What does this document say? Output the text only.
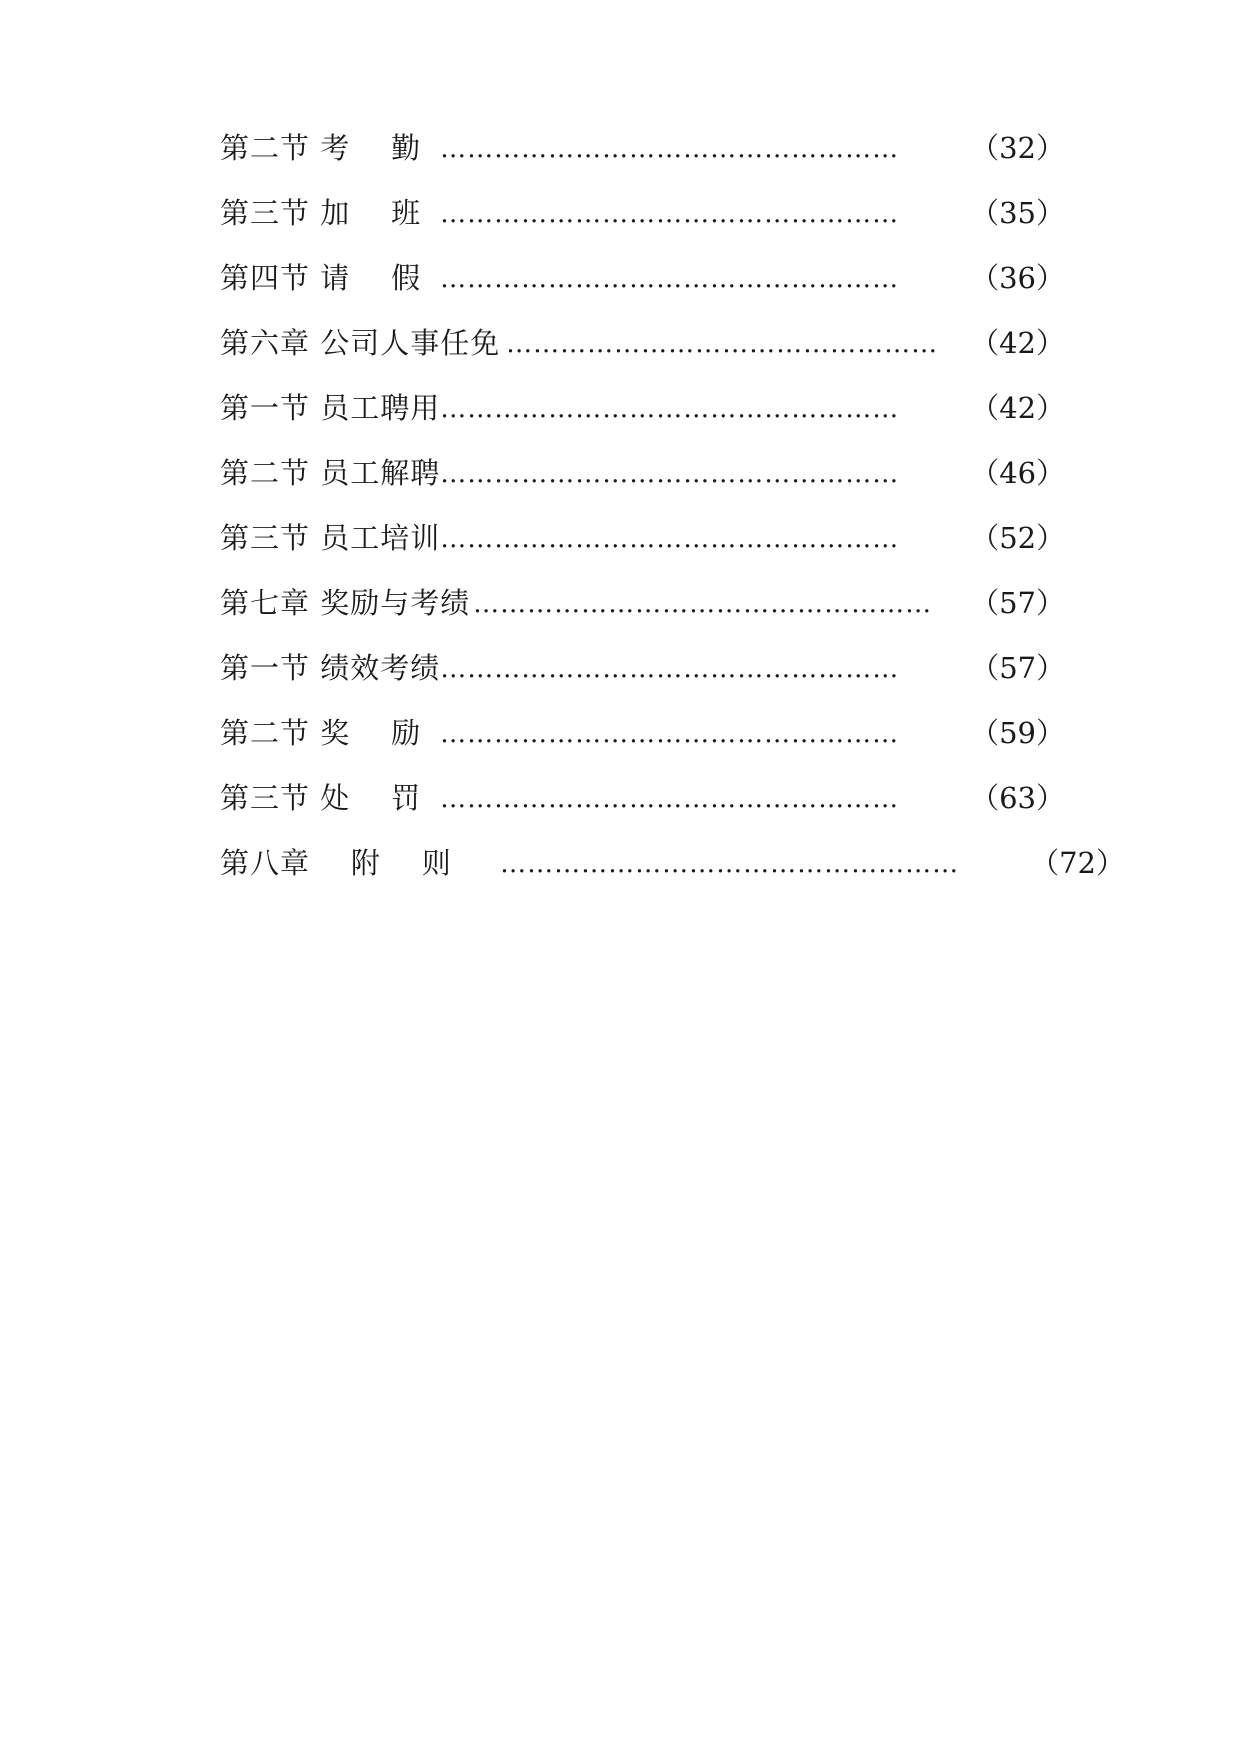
第二节 考    勤 ……………………………………………	（32）
第三节 加    班 ……………………………………………	（35）
第四节 请    假 ……………………………………………	（36）
第六章 公司人事任免 …………………………………………	（42）
第一节 员工聘用 ……………………………………………	（42）
第二节 员工解聘 ……………………………………………	（46）
第三节 员工培训 ……………………………………………	（52）
第七章 奖励与考绩 ……………………………………………	（57）
第一节 绩效考绩 ……………………………………………	（57）
第二节 奖    励 ……………………………………………	（59）
第三节 处    罚 ……………………………………………	（63）
第八章    附    则	……………………………………………	（72）
